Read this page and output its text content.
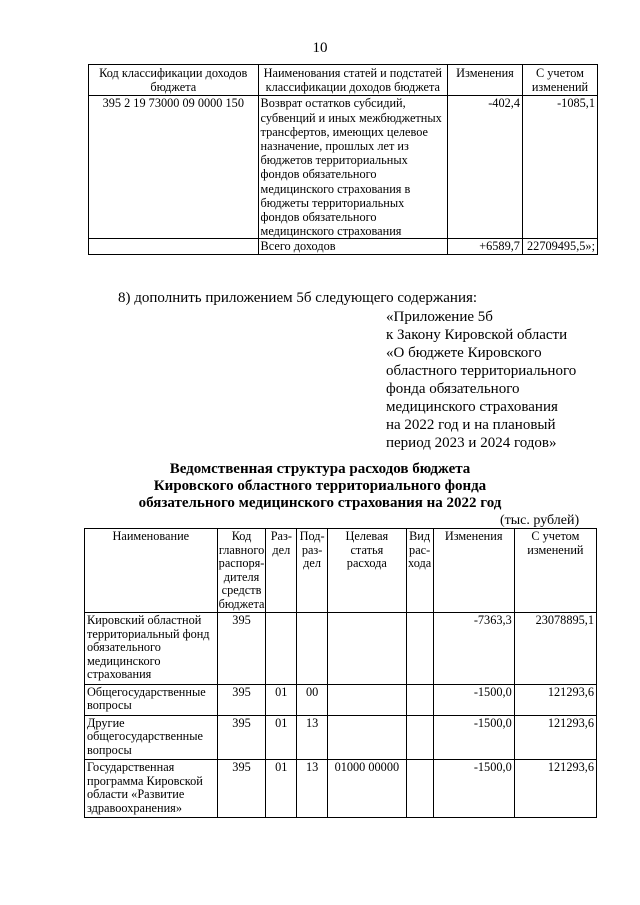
10
Код классификации доходов бюджета	Наименования статей и подстатей классификации доходов бюджета	Изменения	С учетом изменений
395 2 19 73000 09 0000 150	Возврат остатков субсидий, субвенций и иных межбюджетных трансфертов, имеющих целевое назначение, прошлых лет из бюджетов территориальных фондов обязательного медицинского страхования в бюджеты территориальных фондов обязательного медицинского страхования	-402,4	-1085,1
	Всего доходов	+6589,7	22709495,5»;
8) дополнить приложением 5б следующего содержания:
«Приложение 5б
к Закону Кировской области
«О бюджете Кировского
областного территориального
фонда обязательного
медицинского страхования
на 2022 год и на плановый
период 2023 и 2024 годов»
Ведомственная структура расходов бюджета
Кировского областного территориального фонда
обязательного медицинского страхования на 2022 год
(тыс. рублей)
Наименование	Код главного распоря-дителя средств бюджета	Раз-дел	Под-раз-дел	Целевая статья расхода	Вид рас-хода	Изменения	С учетом изменений
Кировский областной территориальный фонд обязательного медицинского страхования	395					-7363,3	23078895,1
Общегосударственные вопросы	395	01	00			-1500,0	121293,6
Другие общегосударственные вопросы	395	01	13			-1500,0	121293,6
Государственная программа Кировской области «Развитие здравоохранения»	395	01	13	01000 00000		-1500,0	121293,6
